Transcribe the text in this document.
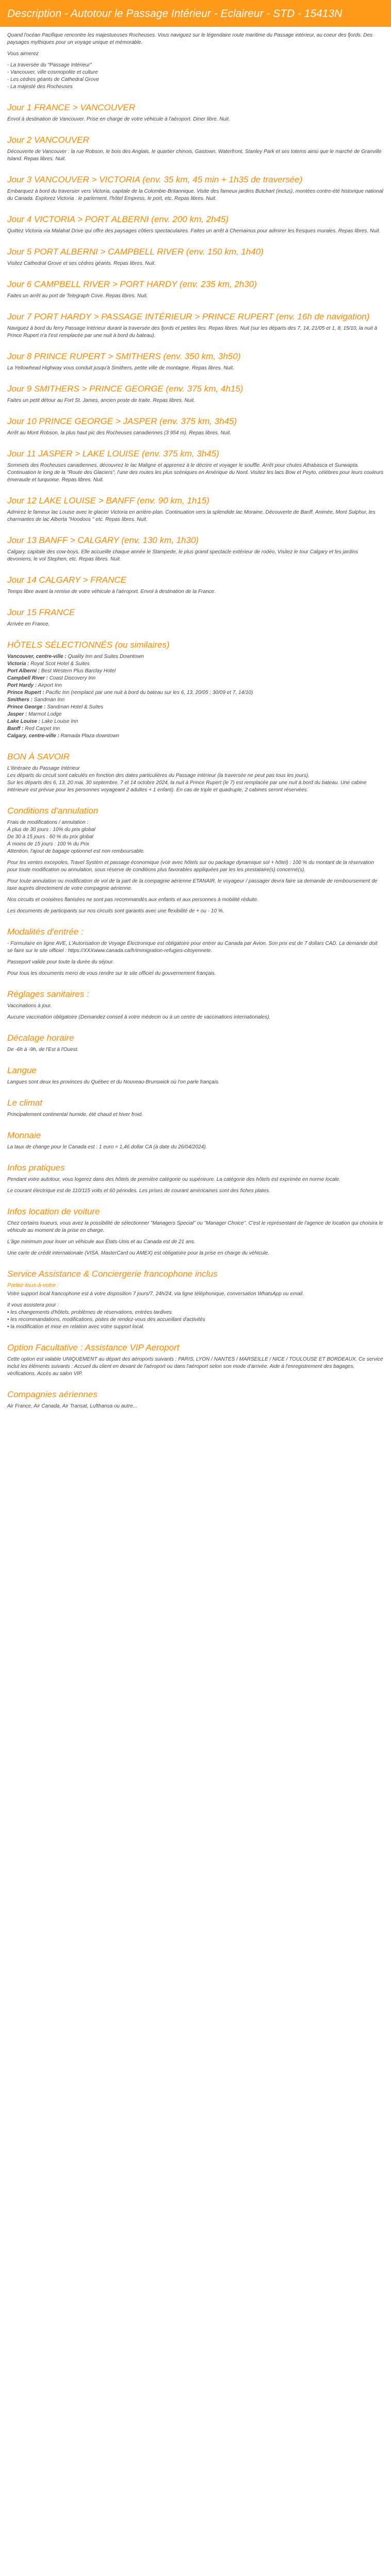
Description - Autotour le Passage Intérieur - Eclaireur - STD - 15413N

Quand l'océan Pacifique rencontre les majestueuses Rocheuses. Vous naviguez sur le légendaire route maritime du Passage intérieur, au coeur des fjords. Des paysages mythiques pour un voyage unique et mémorable.

Vous aimerez

- La traversée du "Passage Intérieur"
- Vancouver, ville cosmopolite et culture
- Les cèdres géants de Cathedral Grove
- La majesté des Rocheuses
Jour 1 FRANCE > VANCOUVER

Envol à destination de Vancouver. Prise en charge de votre véhicule à l'aéroport. Diner libre. Nuit.

Jour 2 VANCOUVER

Découverte de Vancouver : la rue Robson, le bois des Anglais, le quartier chinois, Gastown, Waterfront, Stanley Park et ses totems ainsi que le marché de Granville Island. Repas libres. Nuit.

Jour 3 VANCOUVER > VICTORIA (env. 35 km, 45 min + 1h35 de traversée)

Embarquez à bord du traversier vers Victoria, capitale de la Colombie-Britannique. Visite des fameux jardins Butchart (inclus), montées contre-été historique national du Canada. Explorez Victoria : le parlement, l'hôtel Empress, le port, etc. Repas libres. Nuit.

Jour 4 VICTORIA > PORT ALBERNI (env. 200 km, 2h45)

Quittez Victoria via Malahat Drive qui offre des paysages côtiers spectaculaires. Faites un arrêt à Chemainus pour admirer les fresques murales. Repas libres. Nuit.

Jour 5 PORT ALBERNI > CAMPBELL RIVER (env. 150 km, 1h40)

Visitez Cathedral Grove et ses cèdres géants. Repas libres. Nuit.

Jour 6 CAMPBELL RIVER > PORT HARDY (env. 235 km, 2h30)

Faites un arrêt au port de Telegraph Cove. Repas libres. Nuit.

Jour 7 PORT HARDY > PASSAGE INTÉRIEUR > PRINCE RUPERT (env. 16h de navigation)

Naviguez à bord du ferry Passage Intérieur durant la traversée des fjords et petites îles. Repas libres. Nuit (sur les départs des 7, 14, 21/05 et 1, 8, 15/10, la nuit à Prince Rupert n'a t'est remplacée par une nuit à bord du bateau).

Jour 8 PRINCE RUPERT > SMITHERS (env. 350 km, 3h50)

La Yellowhead Highway vous conduit jusqu'à Smithers, petite ville de montagne. Repas libres. Nuit.

Jour 9 SMITHERS > PRINCE GEORGE (env. 375 km, 4h15)

Faites un petit détour au Fort St. James, ancien poste de traite. Repas libres. Nuit.

Jour 10 PRINCE GEORGE > JASPER (env. 375 km, 3h45)

Arrêt au Mont Robson, la plus haut pic des Rocheuses canadiennes (3 954 m). Repas libres. Nuit.

Jour 11 JASPER > LAKE LOUISE (env. 375 km, 3h45)

Sommets des Rocheuses canadiennes, découvrez le lac Maligne et apprenez à le décrire et voyager le souffle. Arrêt pour chutes Athabasca et Sunwapta. Continuation le long de la "Route des Glaciers", l'une des routes les plus scéniques en Amérique du Nord. Visitez les lacs Bow et Peyto, célèbres pour leurs couleurs émeraude et turquoise. Repas libres. Nuit.

Jour 12 LAKE LOUISE > BANFF (env. 90 km, 1h15)

Admirez le fameux lac Louise avec le glacier Victoria en arrière-plan. Continuation vers la splendide lac Moraine. Découverte de Banff. Animée, Mont Sulphur, les charmantes de lac Alberta "Hoodoos " etc. Repas libres. Nuit.

Jour 13 BANFF > CALGARY (env. 130 km, 1h30)

Calgary, capitale des cow-boys. Elle accueille chaque année le Stampede, le plus grand spectacle extérieur de rodéo. Visitez le tour Calgary et les jardins devoniens, le vol Stephen, etc. Repas libres. Nuit.

Jour 14 CALGARY > FRANCE

Temps libre avant la remise de votre véhicule à l'aéroport. Envol à destination de la France.

Jour 15 FRANCE

Arrivée en France.

HÔTELS SÉLECTIONNÉS (ou similaires)
Vancouver, centre-ville : Quality Inn and Suites Downtown
Victoria : Royal Scot Hotel & Suites
Port Alberni : Best Western Plus Barclay Hotel
Campbell River : Coast Discovery Inn
Port Hardy : Airport Inn
Prince Rupert : Pacific Inn (remplacé par une nuit à bord du bateau sur les 6, 13, 20/05 ; 30/09 et 7, 14/10)
Smithers : Sandman Inn
Prince George : Sandman Hotel & Suites
Jasper : Marmot Lodge
Lake Louise : Lake Louise Inn
Banff : Red Carpet Inn
Calgary, centre-ville : Ramada Plaza downtown
BON À SAVOIR

L'itinéraire du Passage Intérieur
Les départs du circuit sont calculés en fonction des dates particulières du Passage intérieur (la traversée ne peut pas tous les jours).
Sur les départs des 6, 13, 20 mai, 30 septembre, 7 et 14 octobre 2024, la nuit à Prince Rupert (le 7) est remplacée par une nuit à bord du bateau. Une cabine intérieure est prévue pour les personnes voyageant 2 adultes + 1 enfant). En cas de triple et quadruple, 2 cabines seront réservées.

Conditions d'annulation

Frais de modifications / annulation :
À plus de 30 jours : 10% du prix global
De 30 à 15 jours : 60 % du prix global
À moins de 15 jours : 100 % du Prix
Attention, l'ajout de bagage optionnel est non remboursable.

Pour les ventes excepoles, Travel Systèm et passage économique (voir avec hôtels sur ou package dynamique sol + hôtel) : 100 % du montant de la réservation pour toute modification ou annulation, sous réserve de conditions plus favorables appliquées par les les prestataire(s) concerné(s).

Pour toute annulation ou modification de vol de la part de la compagnie aérienne ETANAIR, le voyageur / passager devra faire sa demande de remboursement de taxe auprès directement de votre compagnie aérienne.

Nos circuits et croisières flanisées ne sont pas recommandés aux enfants et aux personnes à mobilité réduite.

Les documents de participants sur nos circuits sont garantis avec une flexibilité de + ou - 10 %.

Modalités d'entrée :

- Formulaire en ligne AVE, L'Autorisation de Voyage Électronique est obligatoire pour entrer au Canada par Avion. Son prix est de 7 dollars CAD. La demande doit se faire sur le site officiel : https://XXXwww.canada.ca/fr/immigration-refugies-citoyennete.

Passeport valide pour toute la durée du séjour.

Pour tous les documents merci de vous rendre sur le site officiel du gouvernement français.

Réglages sanitaires :

Vaccinations à jour.

Aucune vaccination obligatoire (Demandez conseil à votre médecin ou à un centre de vaccinations internationales).

Décalage horaire

De -6h à -9h, de l'Est à l'Ouest.

Langue

Langues sont deux les provinces du Québec et du Nouveau-Brunswick où l'on parle français.

Le climat

Principalement continental humide, été chaud et hiver froid.

Monnaie

La taux de change pour le Canada est : 1 euro = 1,46 dollar CA (à date du 26/04/2024).

Infos pratiques

Pendant votre autotour, vous logerez dans des hôtels de première catégorie ou supérieure. La catégorie des hôtels est exprimée en norme locale.

Le courant électrique est de 110/115 volts et 60 périodes. Les prises de courant américaines sont des fiches plates.

Infos location de voiture

Chez certains loueurs, vous avez la possibilité de sélectionner "Managers Special" ou "Manager Choice". C'est le représentant de l'agence de location qui choisira le véhicule au moment de la prise en charge.

L'âge minimum pour louer un véhicule aux États-Unis et au Canada est de 21 ans.

Une carte de crédit internationale (VISA, MasterCard ou AMEX) est obligatoire pour la prise en charge du véhicule.

Service Assistance & Conciergerie francophone inclus
Parlez-tous-à-votre :

Votre support local francophone est à votre disposition 7 jours/7, 24h/24, via ligne téléphonique, conversation WhatsApp ou email.

Il vous assistera pour :
• les changements d'hôtels, problèmes de réservations, entrées tardives
• les recommandations, modifications, pistes de rendez-vous des accueillant d'activités
• la modification et mise en relation avec votre support local.

Option Facultative : Assistance VIP Aeroport

Cette option est valable UNIQUEMENT au départ des aéroports suivants : PARIS, LYON / NANTES / MARSEILLE / NICE / TOULOUSE ET BORDEAUX. Ce service inclut les éléments suivants : Accueil du client en devant de l'aéroport ou dans l'aéroport selon son mode d'arrivée. Aide à l'enregistrement des bagages, vérifications. Accès au salon VIP.

Compagnies aériennes

Air France, Air Canada, Air Transat, Lufthansa ou autre...
